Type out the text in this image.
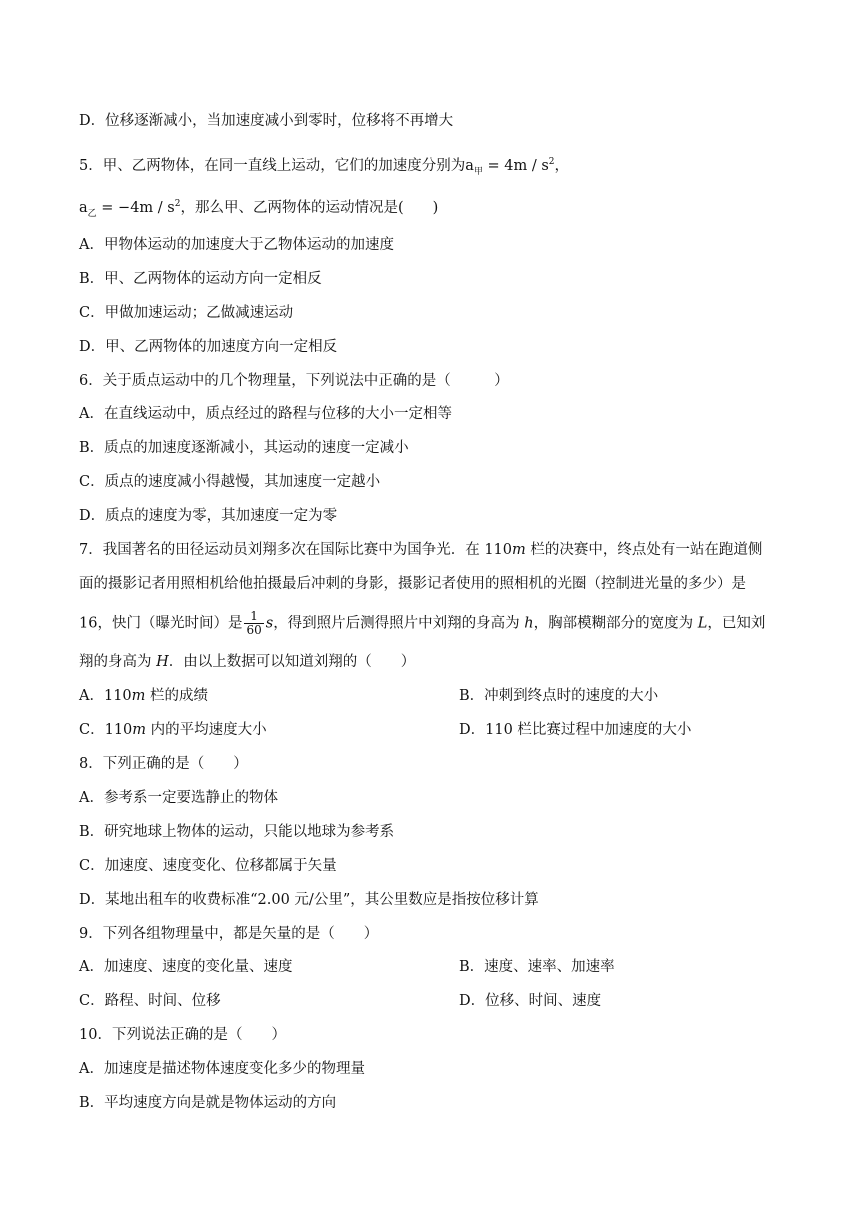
D．位移逐渐减小，当加速度减小到零时，位移将不再增大
5．甲、乙两物体，在同一直线上运动，它们的加速度分别为$a_甲 = 4m / s^2$，
$a_乙 = -4m / s^2$，那么甲、乙两物体的运动情况是(　　)
A．甲物体运动的加速度大于乙物体运动的加速度
B．甲、乙两物体的运动方向一定相反
C．甲做加速运动；乙做减速运动
D．甲、乙两物体的加速度方向一定相反
6．关于质点运动中的几个物理量，下列说法中正确的是（　　　）
A．在直线运动中，质点经过的路程与位移的大小一定相等
B．质点的加速度逐渐减小，其运动的速度一定减小
C．质点的速度减小得越慢，其加速度一定越小
D．质点的速度为零，其加速度一定为零
7．我国著名的田径运动员刘翔多次在国际比赛中为国争光．在 110m 栏的决赛中，终点处有一站在跑道侧
面的摄影记者用照相机给他拍摄最后冲刺的身影，摄影记者使用的照相机的光圈（控制进光量的多少）是
16，快门（曝光时间）是 $\frac{1}{60}$ s，得到照片后测得照片中刘翔的身高为 h，胸部模糊部分的宽度为 L，已知刘
翔的身高为 H．由以上数据可以知道刘翔的（　　）
A．110m 栏的成绩	B．冲刺到终点时的速度的大小
C．110m 内的平均速度大小	D．110 栏比赛过程中加速度的大小
8．下列正确的是（　　）
A．参考系一定要选静止的物体
B．研究地球上物体的运动，只能以地球为参考系
C．加速度、速度变化、位移都属于矢量
D．某地出租车的收费标准“2.00 元/公里”，其公里数应是指按位移计算
9．下列各组物理量中，都是矢量的是（　　）
A．加速度、速度的变化量、速度	B．速度、速率、加速率
C．路程、时间、位移	D．位移、时间、速度
10．下列说法正确的是（　　）
A．加速度是描述物体速度变化多少的物理量
B．平均速度方向是就是物体运动的方向
